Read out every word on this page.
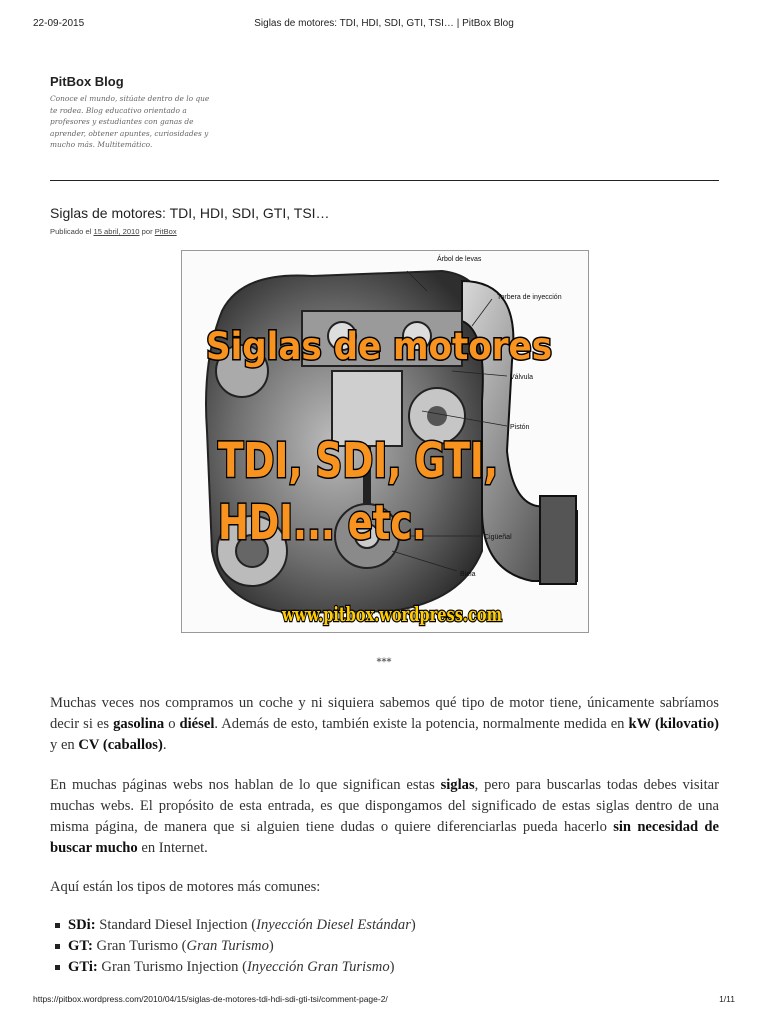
22-09-2015	Siglas de motores: TDI, HDI, SDI, GTI, TSI… | PitBox Blog
PitBox Blog
Conoce el mundo, sitúate dentro de lo que te rodea. Blog educativo orientado a profesores y estudiantes con ganas de aprender, obtener apuntes, curiosidades y mucho más. Multitemático.
Siglas de motores: TDI, HDI, SDI, GTI, TSI…
Publicado el 15 abril, 2010 por PitBox
Árbol de levas
Torbera de inyección
Válvula
Pistón
Cigüeñal
Biela
Siglas de motores
TDI, SDI, GTI,
HDI... etc.
www.pitbox.wordpress.com
***
Muchas veces nos compramos un coche y ni siquiera sabemos qué tipo de motor tiene, únicamente sabríamos decir si es gasolina o diésel. Además de esto, también existe la potencia, normalmente medida en kW (kilovatio) y en CV (caballos).
En muchas páginas webs nos hablan de lo que significan estas siglas, pero para buscarlas todas debes visitar muchas webs. El propósito de esta entrada, es que dispongamos del significado de estas siglas dentro de una misma página, de manera que si alguien tiene dudas o quiere diferenciarlas pueda hacerlo sin necesidad de buscar mucho en Internet.
Aquí están los tipos de motores más comunes:
SDi: Standard Diesel Injection (Inyección Diesel Estándar)
GT: Gran Turismo (Gran Turismo)
GTi: Gran Turismo Injection (Inyección Gran Turismo)
https://pitbox.wordpress.com/2010/04/15/siglas-de-motores-tdi-hdi-sdi-gti-tsi/comment-page-2/	1/11
